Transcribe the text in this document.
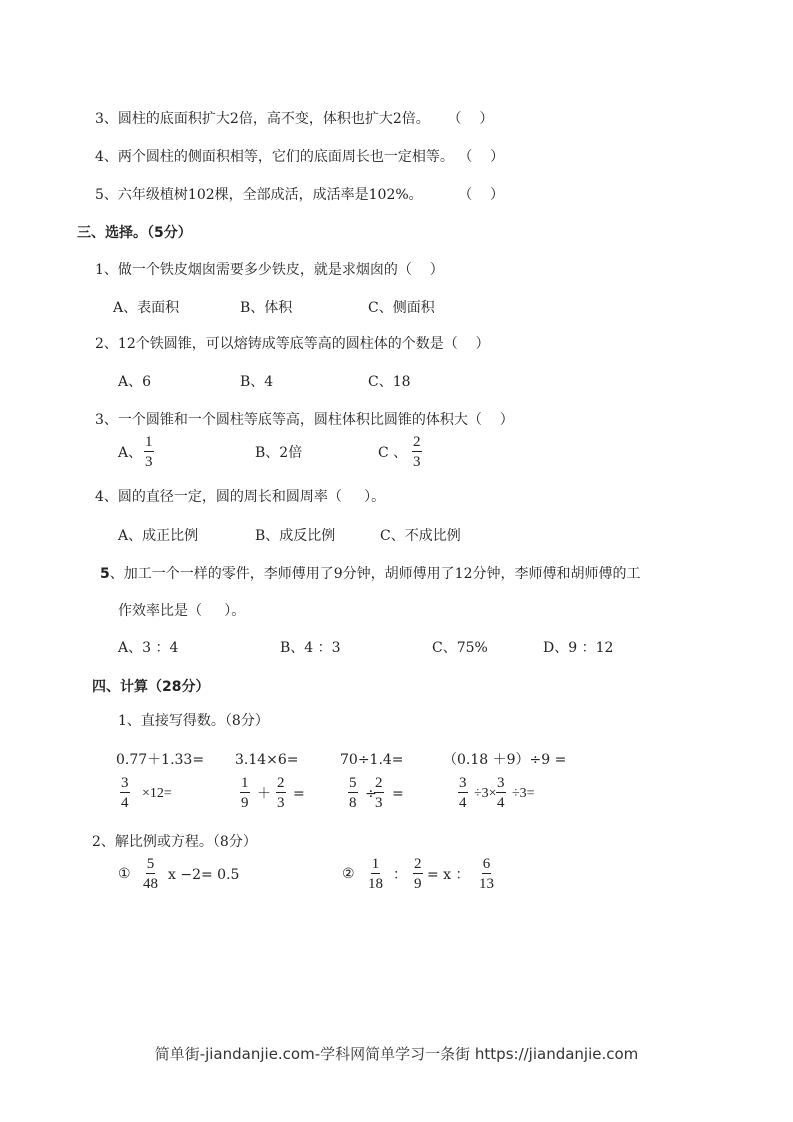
3、圆柱的底面积扩大2倍，高不变，体积也扩大2倍。    （    ）
4、两个圆柱的侧面积相等，它们的底面周长也一定相等。 （    ）
5、六年级植树102棵，全部成活，成活率是102%。        （    ）
三、选择。（5分）
1、做一个铁皮烟囱需要多少铁皮，就是求烟囱的（    ）
A、表面积	B、体积	C、侧面积
2、12个铁圆锥，可以熔铸成等底等高的圆柱体的个数是（    ）
A、6	B、4	C、18
3、一个圆锥和一个圆柱等底等高，圆柱体积比圆锥的体积大（    ）
A、 $\frac{1}{3}$	B、2倍	C 、 $\frac{2}{3}$
4、圆的直径一定，圆的周长和圆周率（     ）。
A、成正比例	B、成反比例	C、不成比例
5、加工一个一样的零件，李师傅用了9分钟，胡师傅用了12分钟，李师傅和胡师傅的工
作效率比是（     ）。
A、3 ：4	B、4 ：3	C、75%	D、9 ：12
四、计算（28分）
1、直接写得数。（8分）
0.77＋1.33= 3.14×6=	70÷1.4=	（0.18 ＋9）÷9 =
$\frac{3}{4} \times 12=$	$\frac{1}{9} + \frac{2}{3}$ =	$\frac{5}{8}$ ÷
$\frac{2}{3}$ =	$\frac{3}{4} \div 3\times \frac{3}{4} \div 3=$
2、解比例或方程。（8分）
① $\frac{5}{48}$ x −2= 0.5	② $\frac{1}{18}$ ： $\frac{2}{9} = x$ ： $\frac{6}{13}$
简单街-jiandanjie.com-学科网简单学习一条街 https://jiandanjie.com
